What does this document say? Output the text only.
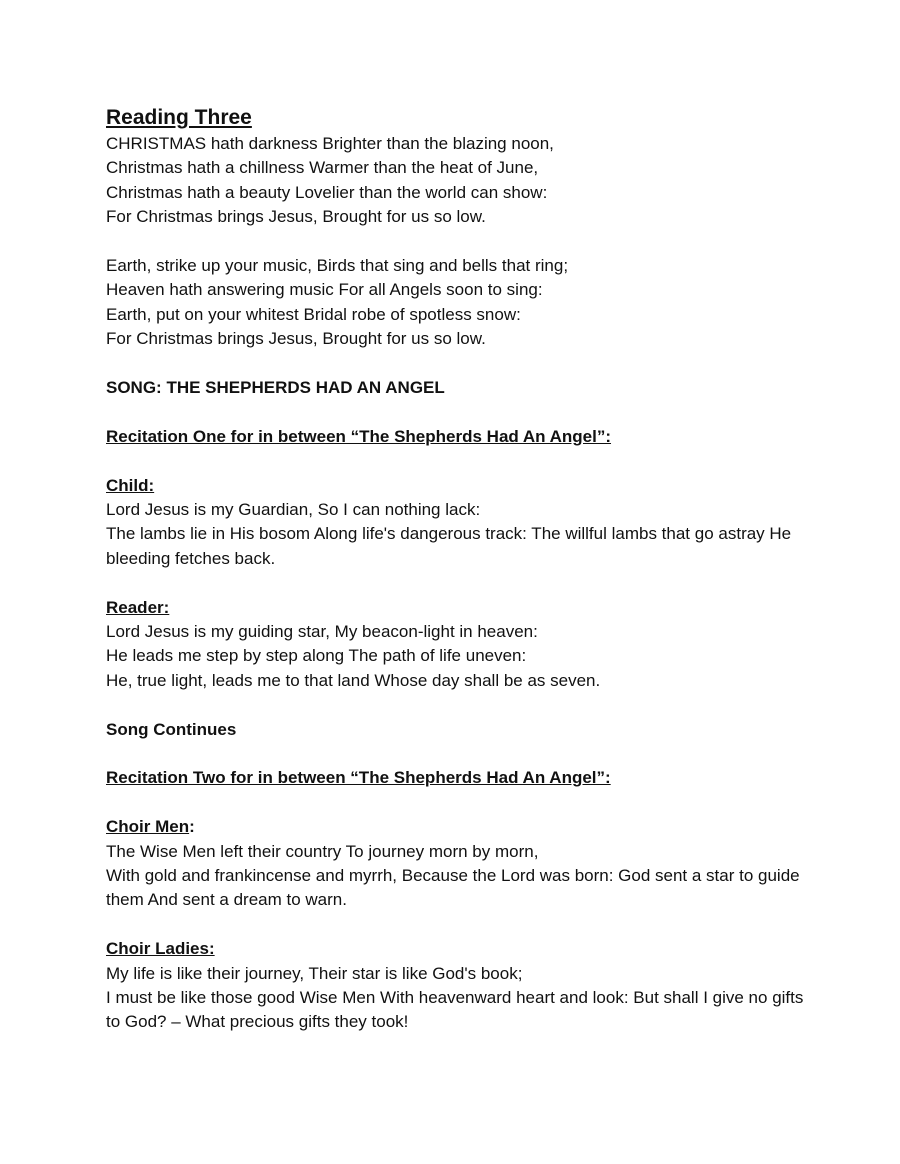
Reading Three
CHRISTMAS hath darkness Brighter than the blazing noon,
Christmas hath a chillness Warmer than the heat of June,
Christmas hath a beauty Lovelier than the world can show:
For Christmas brings Jesus, Brought for us so low.
Earth, strike up your music, Birds that sing and bells that ring;
Heaven hath answering music For all Angels soon to sing:
Earth, put on your whitest Bridal robe of spotless snow:
For Christmas brings Jesus, Brought for us so low.
SONG: THE SHEPHERDS HAD AN ANGEL
Recitation One for in between “The Shepherds Had An Angel”:
Child:
Lord Jesus is my Guardian, So I can nothing lack:
The lambs lie in His bosom Along life's dangerous track: The willful lambs that go astray He bleeding fetches back.
Reader:
Lord Jesus is my guiding star, My beacon-light in heaven:
He leads me step by step along The path of life uneven:
He, true light, leads me to that land Whose day shall be as seven.
Song Continues
Recitation Two for in between “The Shepherds Had An Angel”:
Choir Men:
The Wise Men left their country To journey morn by morn,
With gold and frankincense and myrrh, Because the Lord was born: God sent a star to guide them And sent a dream to warn.
Choir Ladies:
My life is like their journey, Their star is like God's book;
I must be like those good Wise Men With heavenward heart and look: But shall I give no gifts to God? – What precious gifts they took!
